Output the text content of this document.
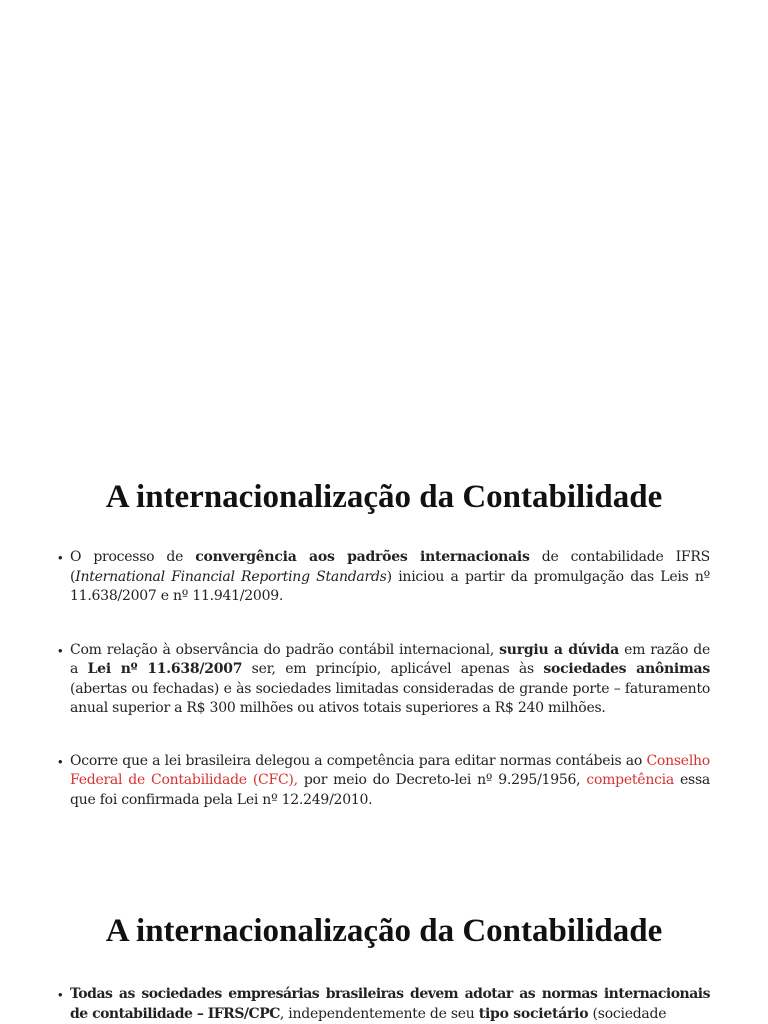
A internacionalização da Contabilidade
• O processo de convergência aos padrões internacionais de contabilidade IFRS (International Financial Reporting Standards) iniciou a partir da promulgação das Leis nº 11.638/2007 e nº 11.941/2009.
• Com relação à observância do padrão contábil internacional, surgiu a dúvida em razão de a Lei nº 11.638/2007 ser, em princípio, aplicável apenas às sociedades anônimas (abertas ou fechadas) e às sociedades limitadas consideradas de grande porte – faturamento anual superior a R$ 300 milhões ou ativos totais superiores a R$ 240 milhões.
• Ocorre que a lei brasileira delegou a competência para editar normas contábeis ao Conselho Federal de Contabilidade (CFC), por meio do Decreto-lei nº 9.295/1956, competência essa que foi confirmada pela Lei nº 12.249/2010.
A internacionalização da Contabilidade
• Todas as sociedades empresárias brasileiras devem adotar as normas internacionais de contabilidade – IFRS/CPC, independentemente de seu tipo societário (sociedade
